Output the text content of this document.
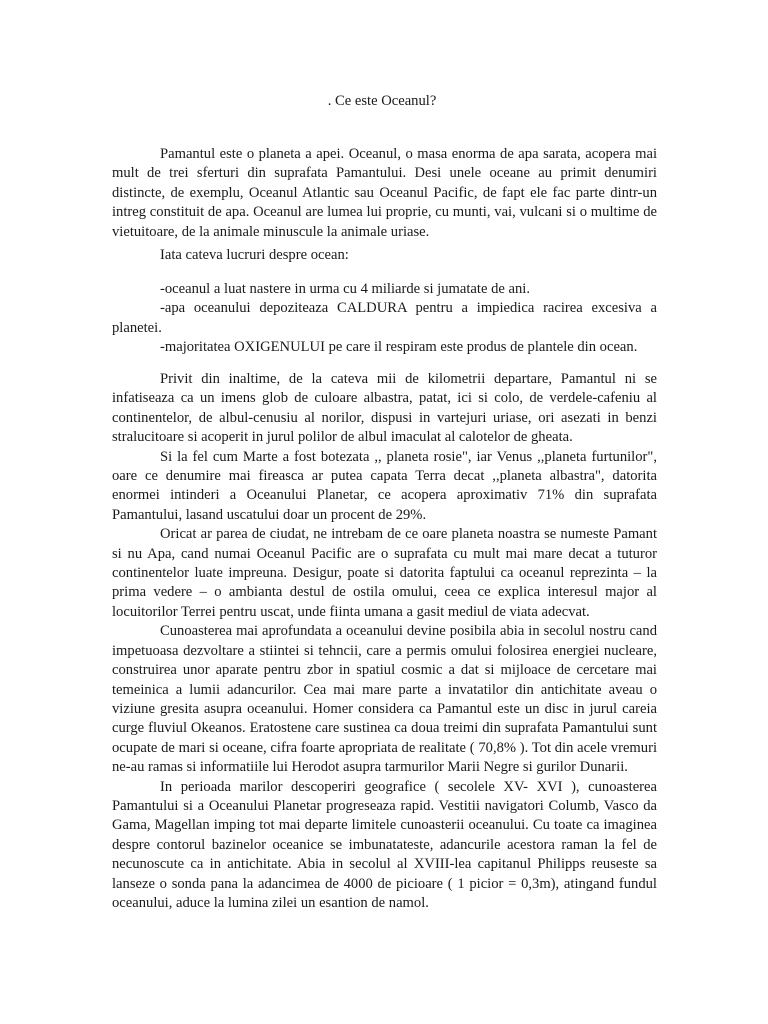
. Ce este Oceanul?

Pamantul este o planeta a apei. Oceanul, o masa enorma de apa sarata, acopera mai mult de trei sferturi din suprafata Pamantului. Desi unele oceane au primit denumiri distincte, de exemplu, Oceanul Atlantic sau Oceanul Pacific, de fapt ele fac parte dintr-un intreg constituit de apa. Oceanul are lumea lui proprie, cu munti, vai, vulcani si o multime de vietuitoare, de la animale minuscule la animale uriase.

Iata cateva lucruri despre ocean:

-oceanul a luat nastere in urma cu 4 miliarde si jumatate de ani.

-apa oceanului depoziteaza CALDURA pentru a impiedica racirea excesiva a planetei.

-majoritatea OXIGENULUI pe care il respiram este produs de plantele din ocean.

Privit din inaltime, de la cateva mii de kilometrii departare, Pamantul ni se infatiseaza ca un imens glob de culoare albastra, patat, ici si colo, de verdele-cafeniu al continentelor, de albul-cenusiu al norilor, dispusi in vartejuri uriase, ori asezati in benzi stralucitoare si acoperit in jurul polilor de albul imaculat al calotelor de gheata.

Si la fel cum Marte a fost botezata ,, planeta rosie", iar Venus ,,planeta furtunilor", oare ce denumire mai fireasca ar putea capata Terra decat ,,planeta albastra", datorita enormei intinderi a Oceanului Planetar, ce acopera aproximativ 71% din suprafata Pamantului, lasand uscatului doar un procent de 29%.

Oricat ar parea de ciudat, ne intrebam de ce oare planeta noastra se numeste Pamant si nu Apa, cand numai Oceanul Pacific are o suprafata cu mult mai mare decat a tuturor continentelor luate impreuna. Desigur, poate si datorita faptului ca oceanul reprezinta – la prima vedere – o ambianta destul de ostila omului, ceea ce explica interesul major al locuitorilor Terrei pentru uscat, unde fiinta umana a gasit mediul de viata adecvat.

Cunoasterea mai aprofundata a oceanului devine posibila abia in secolul nostru cand impetuoasa dezvoltare a stiintei si tehncii, care a permis omului folosirea energiei nucleare, construirea unor aparate pentru zbor in spatiul cosmic a dat si mijloace de cercetare mai temeinica a lumii adancurilor. Cea mai mare parte a invatatilor din antichitate aveau o viziune gresita asupra oceanului. Homer considera ca Pamantul este un disc in jurul careia curge fluviul Okeanos. Eratostene care sustinea ca doua treimi din suprafata Pamantului sunt ocupate de mari si oceane, cifra foarte apropriata de realitate ( 70,8% ). Tot din acele vremuri ne-au ramas si informatiile lui Herodot asupra tarmurilor Marii Negre si gurilor Dunarii.

In perioada marilor descoperiri geografice ( secolele XV- XVI ), cunoasterea Pamantului si a Oceanului Planetar progreseaza rapid. Vestitii navigatori Columb, Vasco da Gama, Magellan imping tot mai departe limitele cunoasterii oceanului. Cu toate ca imaginea despre contorul bazinelor oceanice se imbunatateste, adancurile acestora raman la fel de necunoscute ca in antichitate. Abia in secolul al XVIII-lea capitanul Philipps reuseste sa lanseze o sonda pana la adancimea de 4000 de picioare ( 1 picior = 0,3m), atingand fundul oceanului, aduce la lumina zilei un esantion de namol.
